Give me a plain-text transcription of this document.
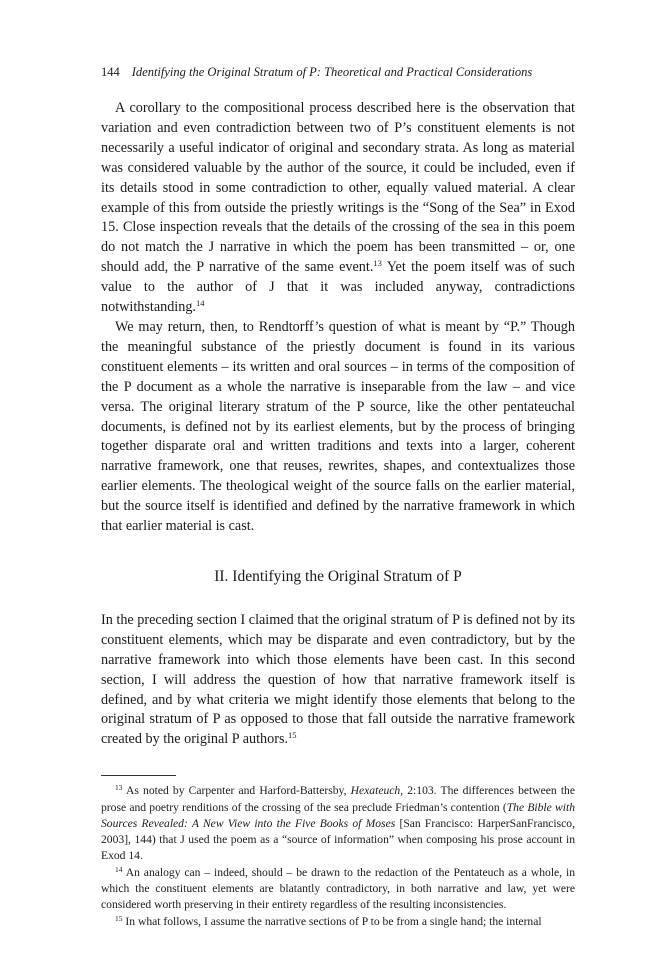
144 Identifying the Original Stratum of P: Theoretical and Practical Considerations

A corollary to the compositional process described here is the observation that variation and even contradiction between two of P’s constituent elements is not necessarily a useful indicator of original and secondary strata. As long as material was considered valuable by the author of the source, it could be included, even if its details stood in some contradiction to other, equally valued material. A clear example of this from outside the priestly writings is the “Song of the Sea” in Exod 15. Close inspection reveals that the details of the crossing of the sea in this poem do not match the J narrative in which the poem has been transmitted – or, one should add, the P narrative of the same event.$^{13}$ Yet the poem itself was of such value to the author of J that it was included anyway, contradictions notwithstanding.$^{14}$

We may return, then, to Rendtorff’s question of what is meant by “P.” Though the meaningful substance of the priestly document is found in its various constituent elements – its written and oral sources – in terms of the composition of the P document as a whole the narrative is inseparable from the law – and vice versa. The original literary stratum of the P source, like the other pentateuchal documents, is defined not by its earliest elements, but by the process of bringing together disparate oral and written traditions and texts into a larger, coherent narrative framework, one that reuses, rewrites, shapes, and contextualizes those earlier elements. The theological weight of the source falls on the earlier material, but the source itself is identified and defined by the narrative framework in which that earlier material is cast.

II. Identifying the Original Stratum of P

In the preceding section I claimed that the original stratum of P is defined not by its constituent elements, which may be disparate and even contradictory, but by the narrative framework into which those elements have been cast. In this second section, I will address the question of how that narrative framework itself is defined, and by what criteria we might identify those elements that belong to the original stratum of P as opposed to those that fall outside the narrative framework created by the original P authors.$^{15}$

$^{13}$ As noted by Carpenter and Harford-Battersby, Hexateuch, 2:103. The differences between the prose and poetry renditions of the crossing of the sea preclude Friedman’s contention (The Bible with Sources Revealed: A New View into the Five Books of Moses [San Francisco: HarperSanFrancisco, 2003], 144) that J used the poem as a “source of information” when composing his prose account in Exod 14.

$^{14}$ An analogy can – indeed, should – be drawn to the redaction of the Pentateuch as a whole, in which the constituent elements are blatantly contradictory, in both narrative and law, yet were considered worth preserving in their entirety regardless of the resulting inconsistencies.

$^{15}$ In what follows, I assume the narrative sections of P to be from a single hand; the internal
